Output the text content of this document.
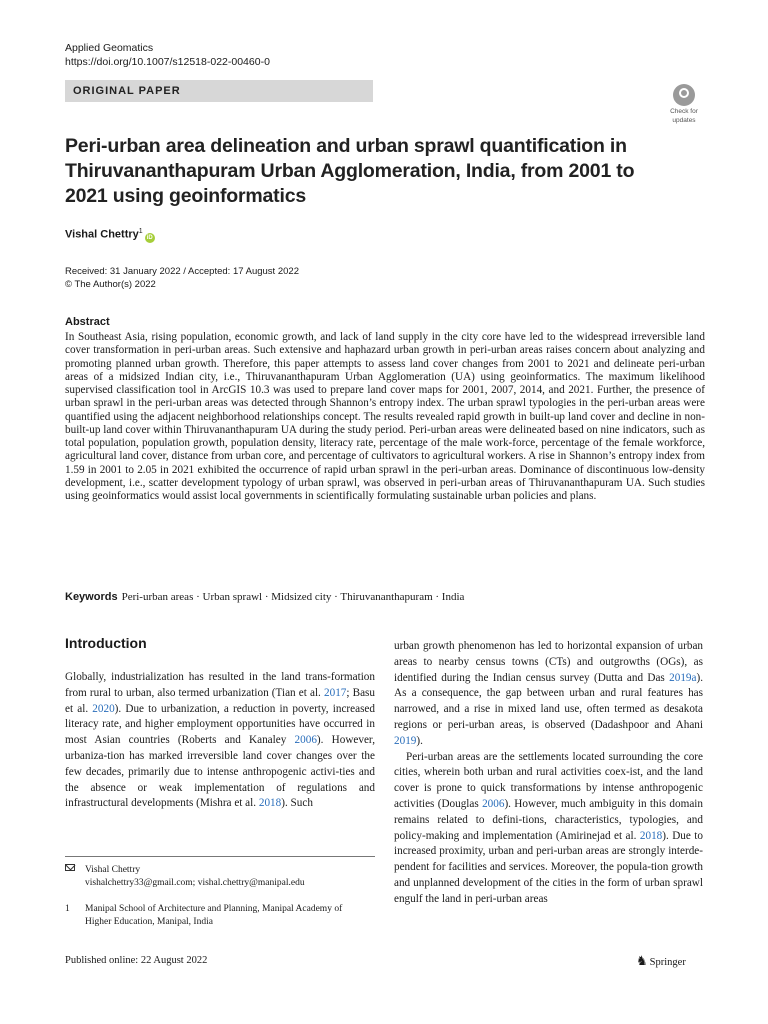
Applied Geomatics
https://doi.org/10.1007/s12518-022-00460-0
ORIGINAL PAPER
Check for
updates
Peri-urban area delineation and urban sprawl quantification in Thiruvananthapuram Urban Agglomeration, India, from 2001 to 2021 using geoinformatics
Vishal Chettry$^1$iD
Received: 31 January 2022 / Accepted: 17 August 2022
© The Author(s) 2022
Abstract
In Southeast Asia, rising population, economic growth, and lack of land supply in the city core have led to the widespread irreversible land cover transformation in peri-urban areas. Such extensive and haphazard urban growth in peri-urban areas raises concern about analyzing and promoting planned urban growth. Therefore, this paper attempts to assess land cover changes from 2001 to 2021 and delineate peri-urban areas of a midsized Indian city, i.e., Thiruvananthapuram Urban Agglomeration (UA) using geoinformatics. The maximum likelihood supervised classification tool in ArcGIS 10.3 was used to prepare land cover maps for 2001, 2007, 2014, and 2021. Further, the presence of urban sprawl in the peri-urban areas was detected through Shannon’s entropy index. The urban sprawl typologies in the peri-urban areas were quantified using the adjacent neighborhood relationships concept. The results revealed rapid growth in built-up land cover and decline in non-built-up land cover within Thiruvananthapuram UA during the study period. Peri-urban areas were delineated based on nine indicators, such as total population, population growth, population density, literacy rate, percentage of the male work-force, percentage of the female workforce, agricultural land cover, distance from urban core, and percentage of cultivators to agricultural workers. A rise in Shannon’s entropy index from 1.59 in 2001 to 2.05 in 2021 exhibited the occurrence of rapid urban sprawl in the peri-urban areas. Dominance of discontinuous low-density development, i.e., scatter development typology of urban sprawl, was observed in peri-urban areas of Thiruvananthapuram UA. Such studies using geoinformatics would assist local governments in scientifically formulating sustainable urban policies and plans.
Keywords Peri-urban areas · Urban sprawl · Midsized city · Thiruvananthapuram · India
Introduction

Globally, industrialization has resulted in the land trans-formation from rural to urban, also termed urbanization (Tian et al. 2017; Basu et al. 2020). Due to urbanization, a reduction in poverty, increased literacy rate, and higher employment opportunities have occurred in most Asian countries (Roberts and Kanaley 2006). However, urbaniza-tion has marked irreversible land cover changes over the few decades, primarily due to intense anthropogenic activi-ties and the absence or weak implementation of regulations and infrastructural developments (Mishra et al. 2018). Such

urban growth phenomenon has led to horizontal expansion of urban areas to nearby census towns (CTs) and outgrowths (OGs), as identified during the Indian census survey (Dutta and Das 2019a). As a consequence, the gap between urban and rural features has narrowed, and a rise in mixed land use, often termed as desakota regions or peri-urban areas, is observed (Dadashpoor and Ahani 2019).

Peri-urban areas are the settlements located surrounding the core cities, wherein both urban and rural activities coex-ist, and the land cover is prone to quick transformations by intense anthropogenic activities (Douglas 2006). However, much ambiguity in this domain remains related to defini-tions, characteristics, typologies, and policy-making and implementation (Amirinejad et al. 2018). Due to increased proximity, urban and peri-urban areas are strongly interde-pendent for facilities and services. Moreover, the popula-tion growth and unplanned development of the cities in the form of urban sprawl engulf the land in peri-urban areas

Vishal Chettry
vishalchettry33@gmail.com; vishal.chettry@manipal.edu
1 Manipal School of Architecture and Planning, Manipal Academy of Higher Education, Manipal, India
Published online: 22 August 2022	♞ Springer
